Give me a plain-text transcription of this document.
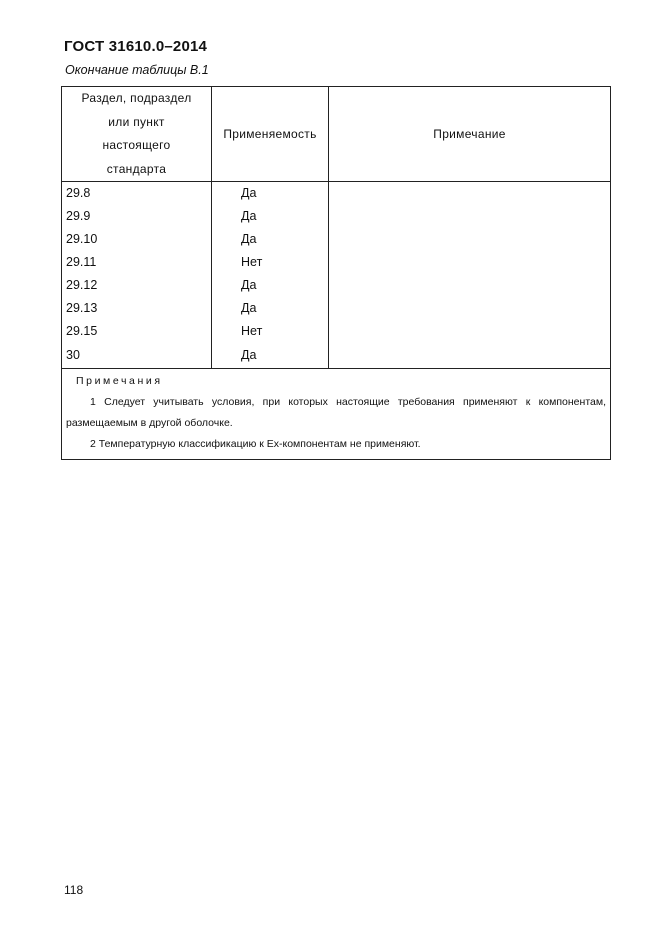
ГОСТ 31610.0–2014
Окончание таблицы В.1
Раздел, подраздел
или пункт
настоящего
стандарта	Применяемость	Примечание
29.8	Да	
29.9	Да	
29.10	Да	
29.11	Нет	
29.12	Да	
29.13	Да	
29.15	Нет	
30	Да	

Примечания
1 Следует учитывать условия, при которых настоящие требования применяют к компонентам,
размещаемым в другой оболочке.
2 Температурную классификацию к Ex-компонентам не применяют.		
118
